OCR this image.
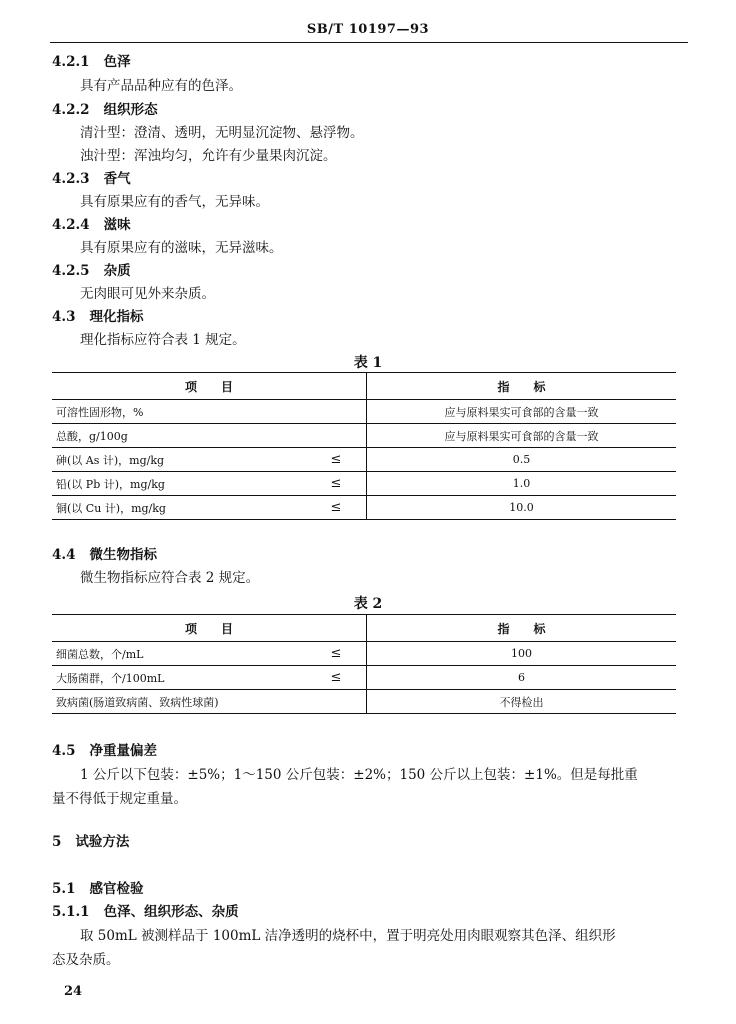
SB/T 10197—93
4.2.1 色泽
具有产品品种应有的色泽。
4.2.2 组织形态
清汁型：澄清、透明，无明显沉淀物、悬浮物。
浊汁型：浑浊均匀，允许有少量果肉沉淀。
4.2.3 香气
具有原果应有的香气，无异味。
4.2.4 滋味
具有原果应有的滋味，无异滋味。
4.2.5 杂质
无肉眼可见外来杂质。
4.3 理化指标
理化指标应符合表 1 规定。
表 1
项　　目		指　　标
可溶性固形物，%		应与原料果实可食部的含量一致
总酸，g/100g		应与原料果实可食部的含量一致
砷(以 As 计)，mg/kg	≤	0.5
铅(以 Pb 计)，mg/kg	≤	1.0
铜(以 Cu 计)，mg/kg	≤	10.0
4.4 微生物指标
微生物指标应符合表 2 规定。
表 2
项　　目		指　　标
细菌总数，个/mL	≤	100
大肠菌群，个/100mL	≤	6
致病菌(肠道致病菌、致病性球菌)		不得检出
4.5 净重量偏差
1 公斤以下包装：±5%；1～150 公斤包装：±2%；150 公斤以上包装：±1%。但是每批重
量不得低于规定重量。
5 试验方法
5.1 感官检验
5.1.1 色泽、组织形态、杂质
取 50mL 被测样品于 100mL 洁净透明的烧杯中，置于明亮处用肉眼观察其色泽、组织形
态及杂质。
24
